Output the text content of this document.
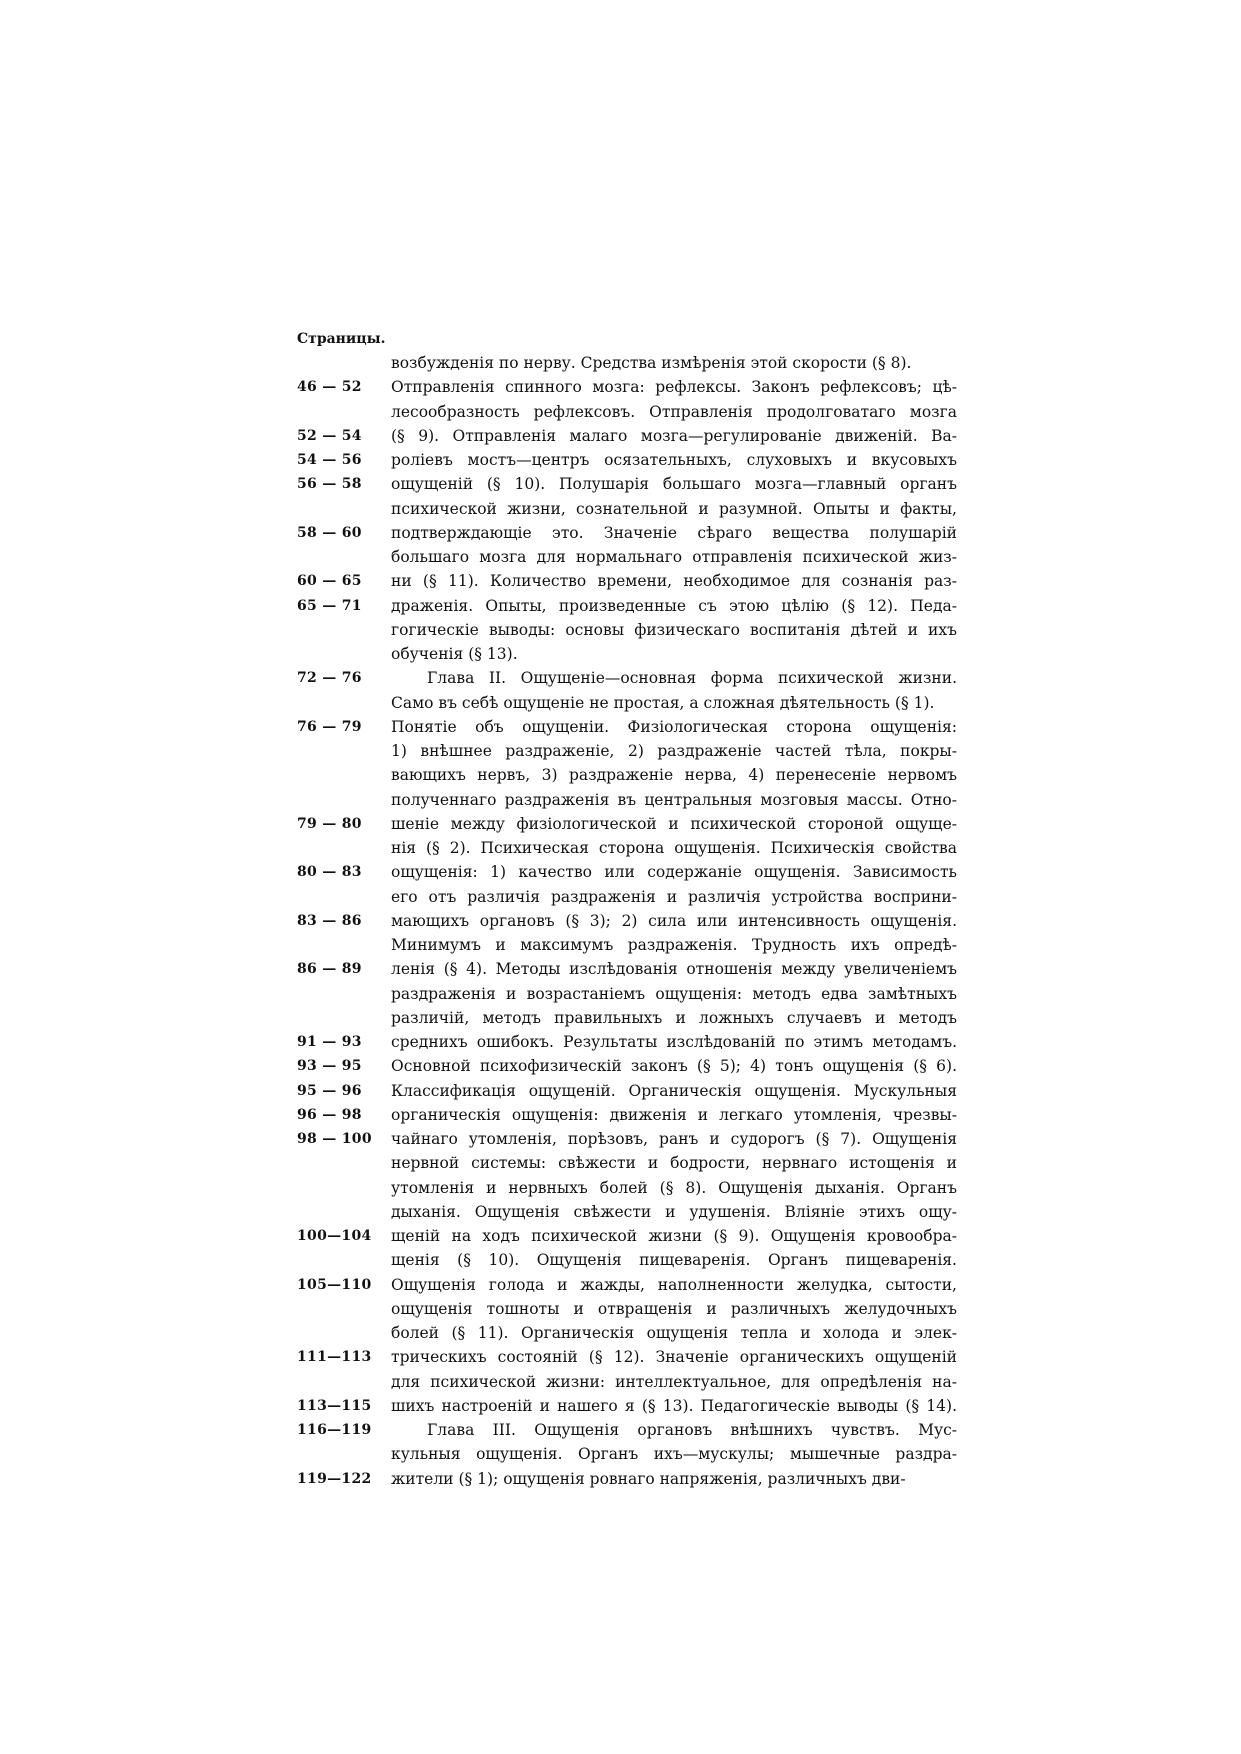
Страницы.
возбужденія по нерву. Средства измѣренія этой скорости (§ 8).
46 — 52	Отправленія спинного мозга: рефлексы. Законъ рефлексовъ; цѣ-
лесообразность рефлексовъ. Отправленія продолговатаго мозга
52 — 54	(§ 9). Отправленія малаго мозга—регулированіе движеній. Ва-
54 — 56	роліевъ мостъ—центръ осязательныхъ, слуховыхъ и вкусовыхъ
56 — 58	ощущеній (§ 10). Полушарія большаго мозга—главный органъ
психической жизни, сознательной и разумной. Опыты и факты,
58 — 60	подтверждающіе это. Значеніе сѣраго вещества полушарій
большаго мозга для нормальнаго отправленія психической жиз-
60 — 65	ни (§ 11). Количество времени, необходимое для сознанія раз-
65 — 71	драженія. Опыты, произведенные съ этою цѣлію (§ 12). Педа-
гогическіе выводы: основы физическаго воспитанія дѣтей и ихъ
обученія (§ 13).
72 — 76	Глава II. Ощущеніе—основная форма психической жизни.
Само въ себѣ ощущеніе не простая, а сложная дѣятельность (§ 1).
76 — 79	Понятіе объ ощущеніи. Физіологическая сторона ощущенія:
1) внѣшнее раздраженіе, 2) раздраженіе частей тѣла, покры-
вающихъ нервъ, 3) раздраженіе нерва, 4) перенесеніе нервомъ
полученнаго раздраженія въ центральныя мозговыя массы. Отно-
79 — 80	шеніе между физіологической и психической стороной ощуще-
нія (§ 2). Психическая сторона ощущенія. Психическія свойства
80 — 83	ощущенія: 1) качество или содержаніе ощущенія. Зависимость
его отъ различія раздраженія и различія устройства восприни-
83 — 86	мающихъ органовъ (§ 3); 2) сила или интенсивность ощущенія.
Минимумъ и максимумъ раздраженія. Трудность ихъ опредѣ-
86 — 89	ленія (§ 4). Методы изслѣдованія отношенія между увеличеніемъ
раздраженія и возрастаніемъ ощущенія: методъ едва замѣтныхъ
различій, методъ правильныхъ и ложныхъ случаевъ и методъ
91 — 93	среднихъ ошибокъ. Результаты изслѣдованій по этимъ методамъ.
93 — 95	Основной психофизическій законъ (§ 5); 4) тонъ ощущенія (§ 6).
95 — 96	Классификація ощущеній. Органическія ощущенія. Мускульныя
96 — 98	органическія ощущенія: движенія и легкаго утомленія, чрезвы-
98 — 100	чайнаго утомленія, порѣзовъ, ранъ и судорогъ (§ 7). Ощущенія
нервной системы: свѣжести и бодрости, нервнаго истощенія и
утомленія и нервныхъ болей (§ 8). Ощущенія дыханія. Органъ
дыханія. Ощущенія свѣжести и удушенія. Вліяніе этихъ ощу-
100—104	щеній на ходъ психической жизни (§ 9). Ощущенія кровообра-
щенія (§ 10). Ощущенія пищеваренія. Органъ пищеваренія.
105—110	Ощущенія голода и жажды, наполненности желудка, сытости,
ощущенія тошноты и отвращенія и различныхъ желудочныхъ
болей (§ 11). Органическія ощущенія тепла и холода и элек-
111—113	трическихъ состояній (§ 12). Значеніе органическихъ ощущеній
для психической жизни: интеллектуальное, для опредѣленія на-
113—115	шихъ настроеній и нашего я (§ 13). Педагогическіе выводы (§ 14).
116—119	Глава III. Ощущенія органовъ внѣшнихъ чувствъ. Мус-
кульныя ощущенія. Органъ ихъ—мускулы; мышечные раздра-
119—122	жители (§ 1); ощущенія ровнаго напряженія, различныхъ дви-
